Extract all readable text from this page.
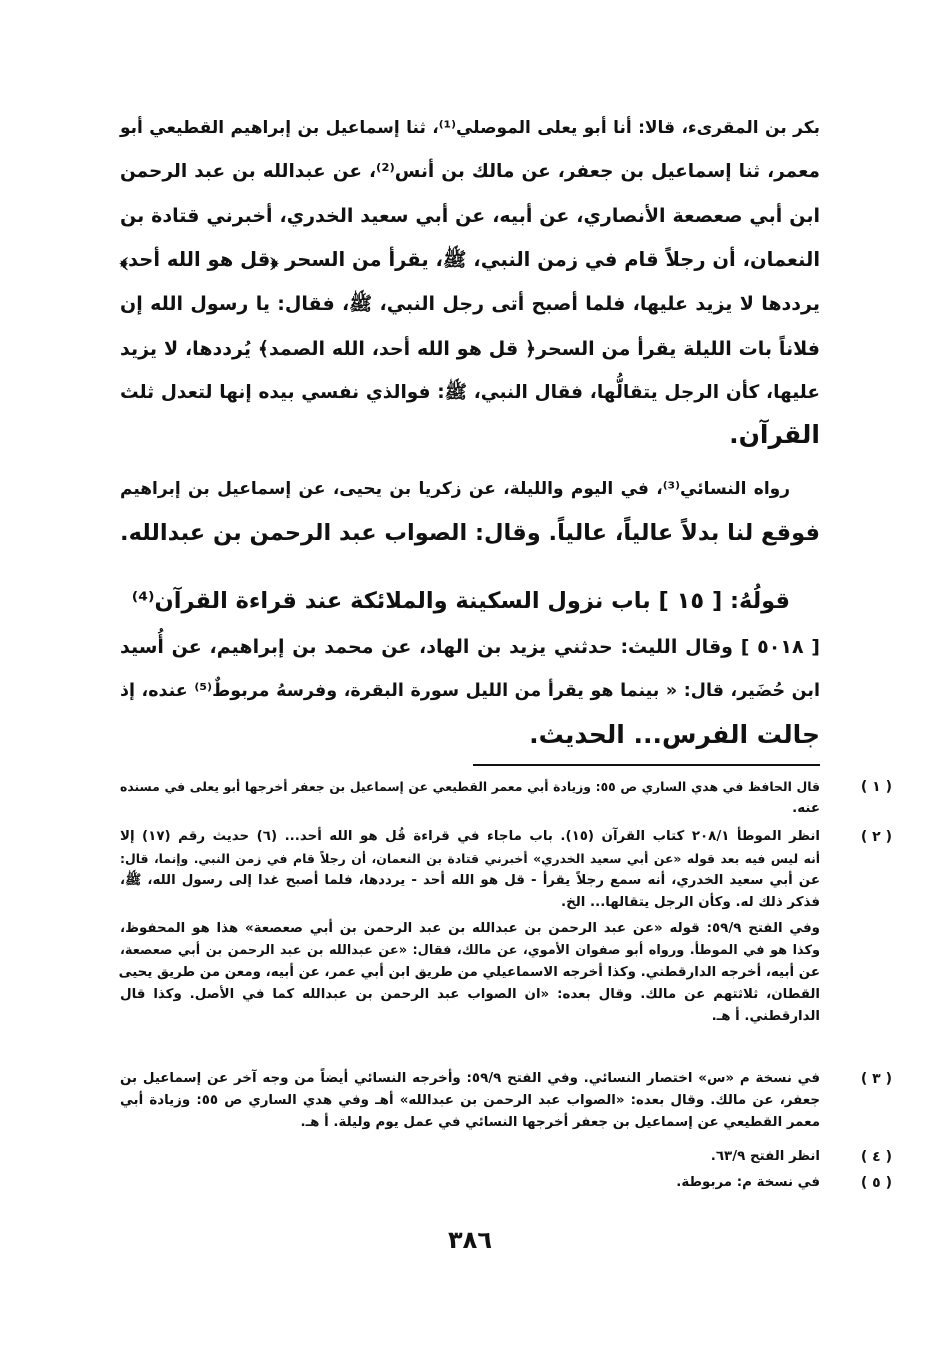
بكر بن المقرىء، قالا: أنا أبو يعلى الموصلي⁽¹⁾، ثنا إسماعيل بن إبراهيم القطيعي أبو
معمر، ثنا إسماعيل بن جعفر، عن مالك بن أنس⁽²⁾، عن عبدالله بن عبد الرحمن
ابن أبي صعصعة الأنصاري، عن أبيه، عن أبي سعيد الخدري، أخبرني قتادة بن
النعمان، أن رجلاً قام في زمن النبي، ﷺ، يقرأ من السحر ﴿قل هو الله أحد﴾
يرددها لا يزيد عليها، فلما أصبح أتى رجل النبي، ﷺ، فقال: يا رسول الله إن
فلاناً بات الليلة يقرأ من السحر﴿ قل هو الله أحد، الله الصمد﴾ يُرددها، لا يزيد
عليها، كأن الرجل يتقالُّها، فقال النبي، ﷺ: فوالذي نفسي بيده إنها لتعدل ثلث
القرآن.
رواه النسائي⁽³⁾، في اليوم والليلة، عن زكريا بن يحيى، عن إسماعيل بن إبراهيم
فوقع لنا بدلاً عالياً، عالياً. وقال: الصواب عبد الرحمن بن عبدالله.
قولُهُ: [ ١٥ ] باب نزول السكينة والملائكة عند قراءة القرآن⁽⁴⁾
[ ٥٠١٨ ] وقال الليث: حدثني يزيد بن الهاد، عن محمد بن إبراهيم، عن أُسيد
ابن حُضَير، قال: « بينما هو يقرأ من الليل سورة البقرة، وفرسهُ مربوطٌ⁽⁵⁾ عنده، إذ
جالت الفرس... الحديث.
( ١ )
قال الحافظ في هدي الساري ص ٥٥: وزيادة أبي معمر القطيعي عن إسماعيل بن جعفر أخرجها أبو يعلى في مسنده
عنه.
( ٢ )
انظر الموطأ ٢٠٨/١ كتاب القرآن (١٥). باب ماجاء في قراءة قُل هو الله أحد... (٦) حديث رقم (١٧) إلا
أنه ليس فيه بعد قوله «عن أبي سعيد الخدري» أخبرني قتادة بن النعمان، أن رجلاً قام في زمن النبي. وإنما، قال:
عن أبي سعيد الخدري، أنه سمع رجلاً يقرأ - قل هو الله أحد - يرددها، فلما أصبح غدا إلى رسول الله، ﷺ،
فذكر ذلك له. وكأن الرجل يتقالها... الخ.
وفي الفتح ٥٩/٩: قوله «عن عبد الرحمن بن عبدالله بن عبد الرحمن بن أبي صعصعة» هذا هو المحفوظ،
وكذا هو في الموطأ. ورواه أبو صفوان الأموي، عن مالك، فقال: «عن عبدالله بن عبد الرحمن بن أبي صعصعة،
عن أبيه، أخرجه الدارقطني. وكذا أخرجه الاسماعيلي من طريق ابن أبي عمر، عن أبيه، ومعن من طريق يحيى
القطان، ثلاثتهم عن مالك. وقال بعده: «ان الصواب عبد الرحمن بن عبدالله كما في الأصل. وكذا قال
الدارقطني. أ هـ.
( ٣ )
في نسخة م «س» اختصار النسائي. وفي الفتح ٥٩/٩: وأخرجه النسائي أيضاً من وجه آخر عن إسماعيل بن
جعفر، عن مالك. وقال بعده: «الصواب عبد الرحمن بن عبدالله» أهـ وفي هدي الساري ص ٥٥: وزيادة أبي
معمر القطيعي عن إسماعيل بن جعفر أخرجها النسائي في عمل يوم وليلة. أ هـ.
( ٤ )
انظر الفتح ٦٣/٩.
( ٥ )
في نسخة م: مربوطة.
٣٨٦
